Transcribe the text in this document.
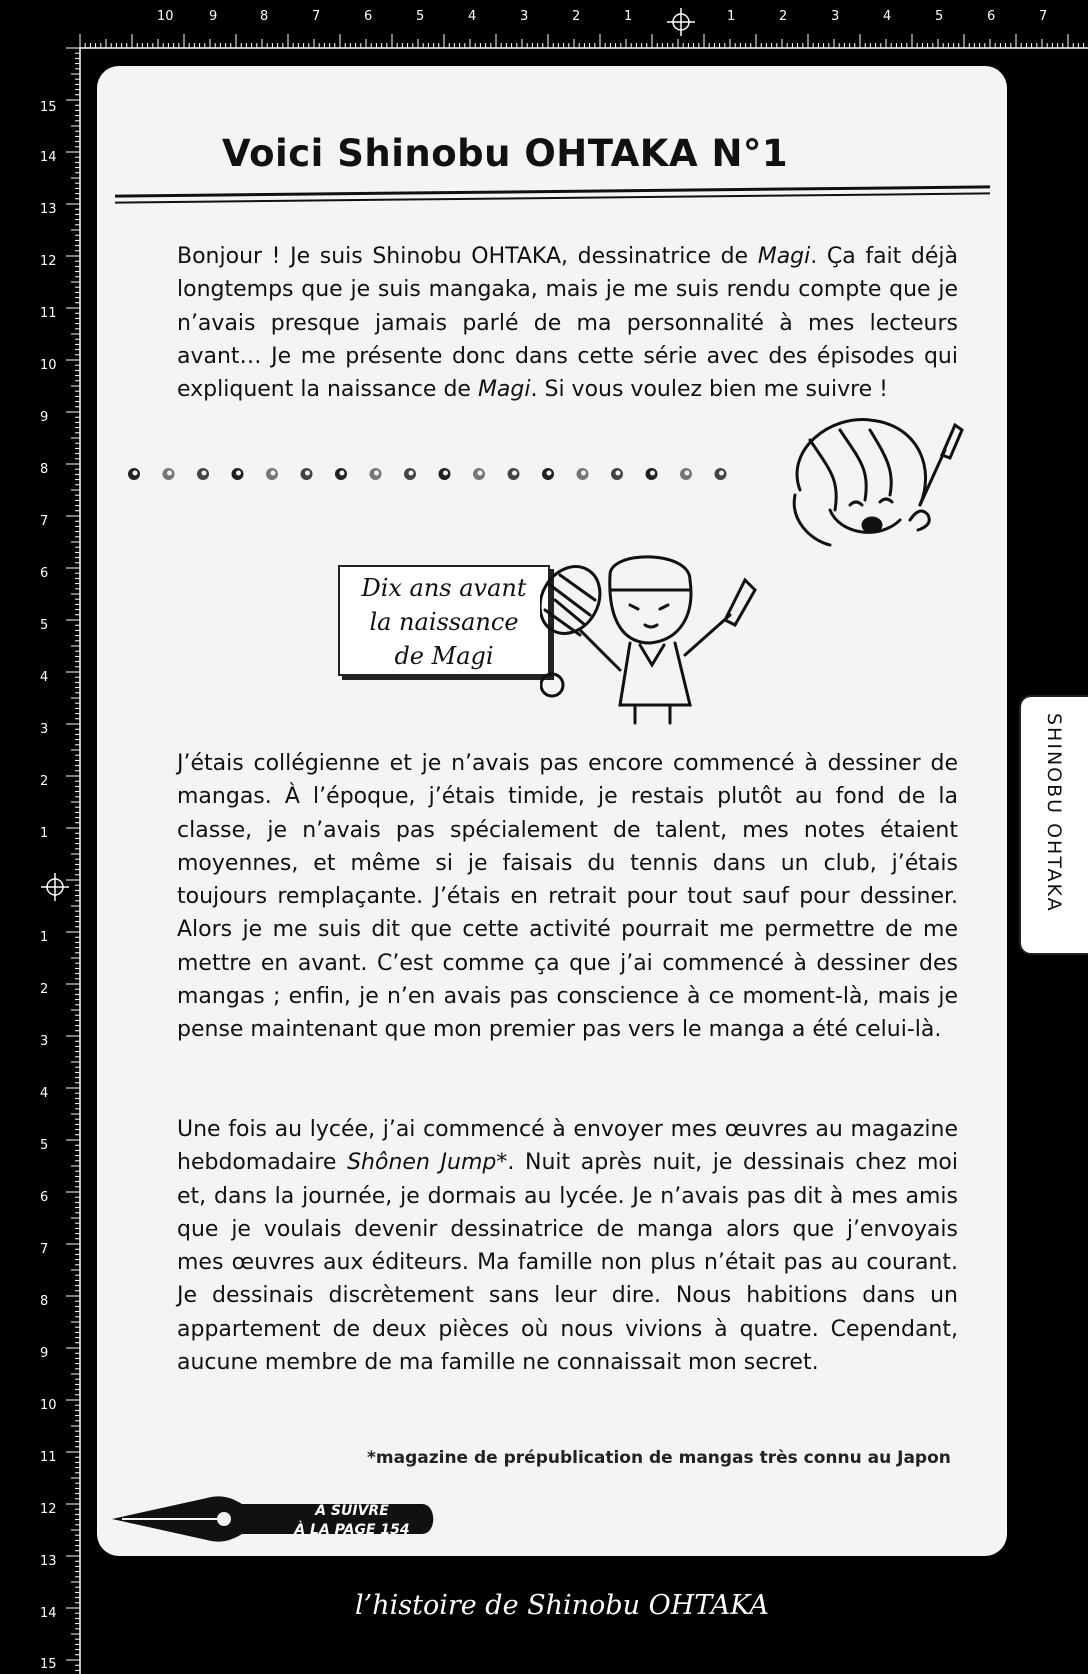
10	9	8	7	6	5	4	3	2	1	1	2	3	4	5	6	7
15
14
13
12
11
10
9
8
7
6
5
4
3
2
1
1
2
3
4
5
6
7
8
9
10
11
12
13
14
15
Voici Shinobu OHTAKA N°1

Bonjour ! Je suis Shinobu OHTAKA, dessinatrice de Magi. Ça fait déjà longtemps que je suis mangaka, mais je me suis rendu compte que je n’avais presque jamais parlé de ma personnalité à mes lecteurs avant… Je me présente donc dans cette série avec des épisodes qui expliquent la naissance de Magi. Si vous voulez bien me suivre !

Dix ans avant
la naissance
de Magi

J’étais collégienne et je n’avais pas encore commencé à dessiner de mangas. À l’époque, j’étais timide, je restais plutôt au fond de la classe, je n’avais pas spécialement de talent, mes notes étaient moyennes, et même si je faisais du tennis dans un club, j’étais toujours remplaçante. J’étais en retrait pour tout sauf pour dessiner. Alors je me suis dit que cette activité pourrait me permettre de me mettre en avant. C’est comme ça que j’ai commencé à dessiner des mangas ; enfin, je n’en avais pas conscience à ce moment-là, mais je pense maintenant que mon premier pas vers le manga a été celui-là.

Une fois au lycée, j’ai commencé à envoyer mes œuvres au magazine hebdomadaire Shônen Jump*. Nuit après nuit, je dessinais chez moi et, dans la journée, je dormais au lycée. Je n’avais pas dit à mes amis que je voulais devenir dessinatrice de manga alors que j’envoyais mes œuvres aux éditeurs. Ma famille non plus n’était pas au courant. Je dessinais discrètement sans leur dire. Nous habitions dans un appartement de deux pièces où nous vivions à quatre. Cependant, aucune membre de ma famille ne connaissait mon secret.

*magazine de prépublication de mangas très connu au Japon
À SUIVRE
À LA PAGE 154
SHINOBU OHTAKA
l’histoire de Shinobu OHTAKA
